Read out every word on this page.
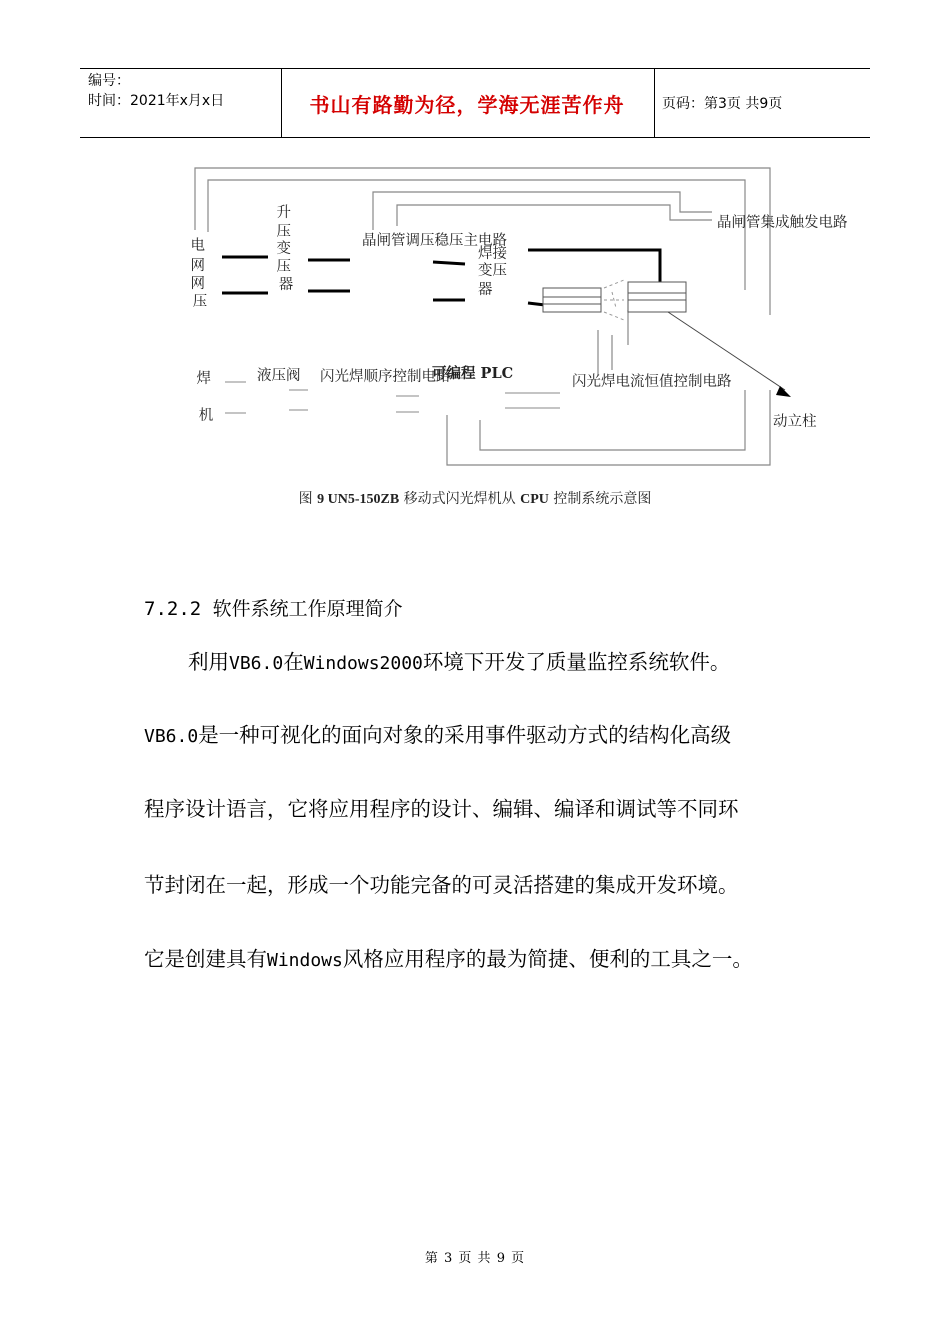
编号：
时间：2021年x月x日	书山有路勤为径，学海无涯苦作舟	页码：第3页 共9页
电 网 网 压
升 压 变 压 器
晶闸管调压稳压主电路
焊接 变压 器
晶闸管集成触发电路
焊 机
液压阀 闪光焊顺序控制电路
可编程 PLC	闪光焊电流恒值控制电路
动立柱
图 9 UN5-150ZB 移动式闪光焊机从 CPU 控制系统示意图
7.2.2 软件系统工作原理简介
利用VB6.0在Windows2000环境下开发了质量监控系统软件。
VB6.0是一种可视化的面向对象的采用事件驱动方式的结构化高级
程序设计语言，它将应用程序的设计、编辑、编译和调试等不同环
节封闭在一起，形成一个功能完备的可灵活搭建的集成开发环境。
它是创建具有Windows风格应用程序的最为简捷、便利的工具之一。
第 3 页 共 9 页
